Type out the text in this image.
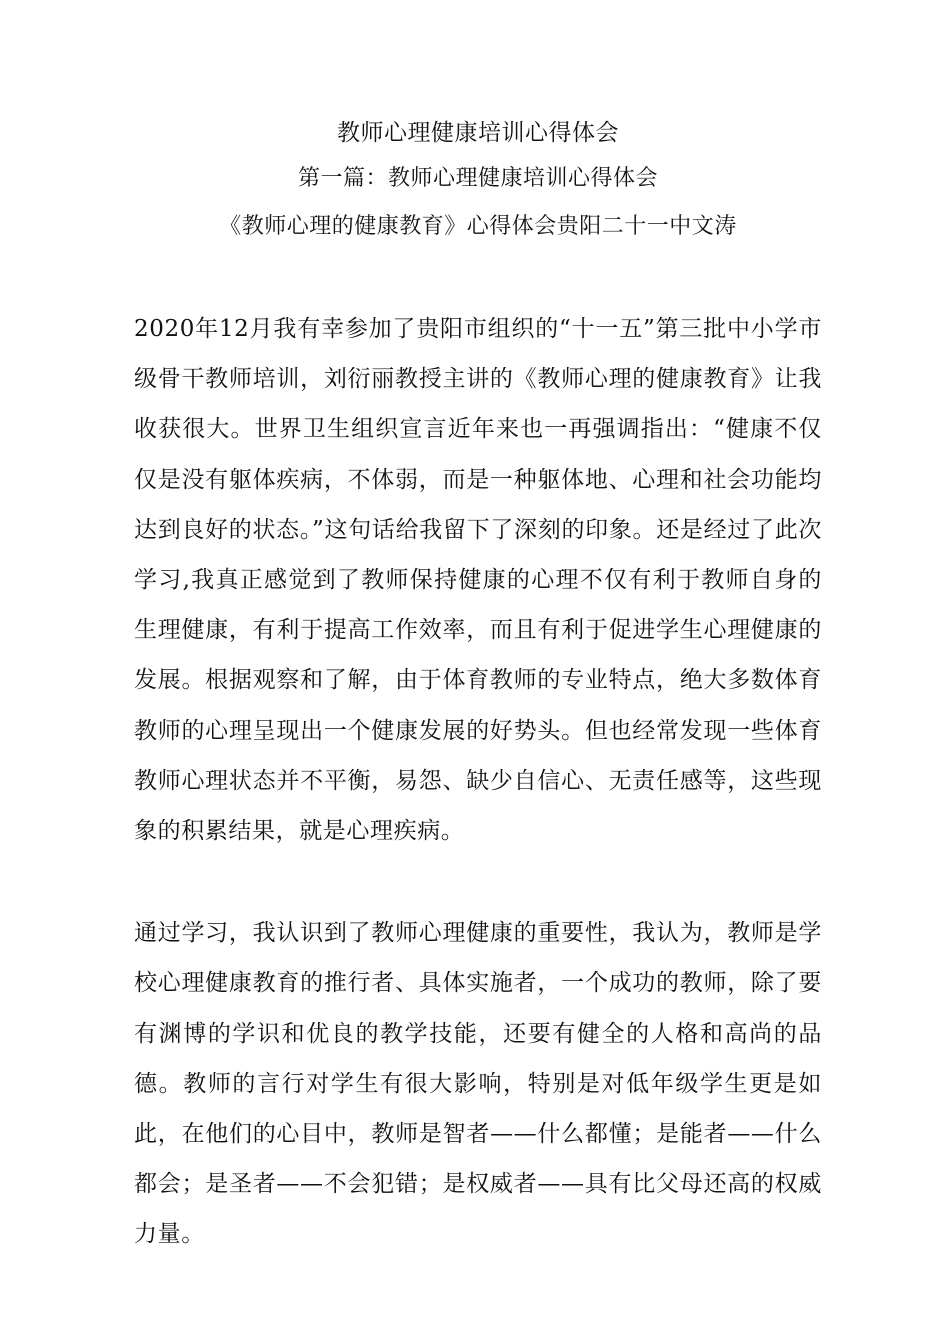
教师心理健康培训心得体会
第一篇：教师心理健康培训心得体会
《教师心理的健康教育》心得体会贵阳二十一中文涛

2020年12月我有幸参加了贵阳市组织的“十一五”第三批中小学市级骨干教师培训，刘衍丽教授主讲的《教师心理的健康教育》让我收获很大。世界卫生组织宣言近年来也一再强调指出：“健康不仅仅是没有躯体疾病，不体弱，而是一种躯体地、心理和社会功能均达到良好的状态。”这句话给我留下了深刻的印象。还是经过了此次学习,我真正感觉到了教师保持健康的心理不仅有利于教师自身的生理健康，有利于提高工作效率，而且有利于促进学生心理健康的发展。根据观察和了解，由于体育教师的专业特点，绝大多数体育教师的心理呈现出一个健康发展的好势头。但也经常发现一些体育教师心理状态并不平衡，易怨、缺少自信心、无责任感等，这些现象的积累结果，就是心理疾病。

通过学习，我认识到了教师心理健康的重要性，我认为，教师是学校心理健康教育的推行者、具体实施者，一个成功的教师，除了要有渊博的学识和优良的教学技能，还要有健全的人格和高尚的品德。教师的言行对学生有很大影响，特别是对低年级学生更是如此，在他们的心目中，教师是智者——什么都懂；是能者——什么都会；是圣者——不会犯错；是权威者——具有比父母还高的权威力量。
